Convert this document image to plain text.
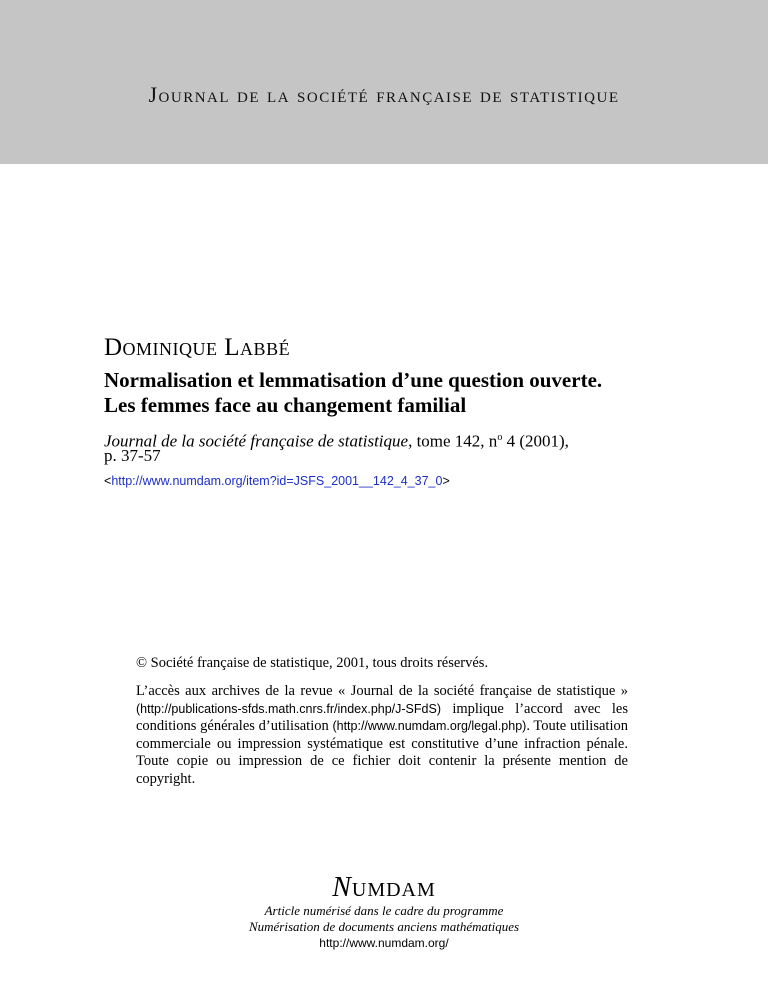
Journal de la société française de statistique
Dominique Labbé
Normalisation et lemmatisation d’une question ouverte.
Les femmes face au changement familial
Journal de la société française de statistique, tome 142, $n^o$ 4 (2001),
p. 37-57
<http://www.numdam.org/item?id=JSFS_2001__142_4_37_0>
© Société française de statistique, 2001, tous droits réservés.
L’accès aux archives de la revue « Journal de la société française de statistique » (http://publications-sfds.math.cnrs.fr/index.php/J-SFdS) implique l’accord avec les conditions générales d’utilisation (http://www.numdam.org/legal.php). Toute utilisation commerciale ou impression systématique est constitutive d’une infraction pénale. Toute copie ou impression de ce fichier doit contenir la présente mention de copyright.
NUMDAM
Article numérisé dans le cadre du programme
Numérisation de documents anciens mathématiques
http://www.numdam.org/
